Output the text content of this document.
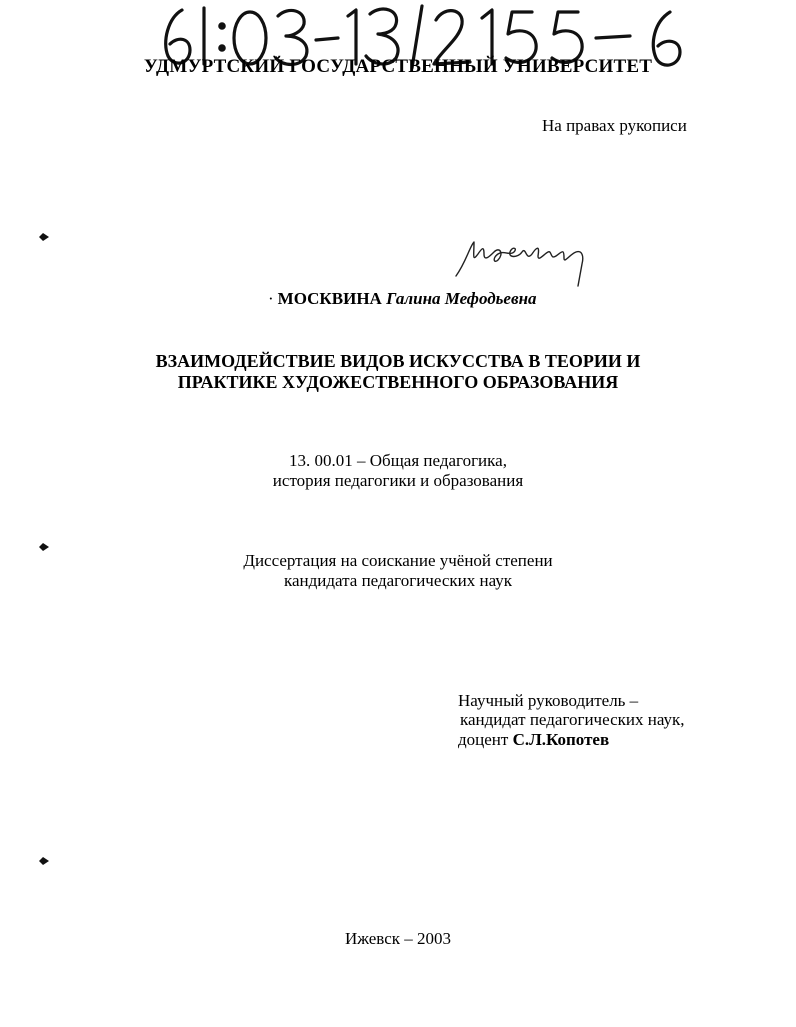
УДМУРТСКИЙ ГОСУДАРСТВЕННЫЙ УНИВЕРСИТЕТ
На правах рукописи
· МОСКВИНА Галина Мефодьевна
ВЗАИМОДЕЙСТВИЕ ВИДОВ ИСКУССТВА В ТЕОРИИ И
ПРАКТИКЕ ХУДОЖЕСТВЕННОГО ОБРАЗОВАНИЯ
13. 00.01 – Общая педагогика,
история педагогики и образования
Диссертация на соискание учёной степени
кандидата педагогических наук
Научный руководитель –
кандидат педагогических наук,
доцент С.Л.Копотев
Ижевск – 2003
